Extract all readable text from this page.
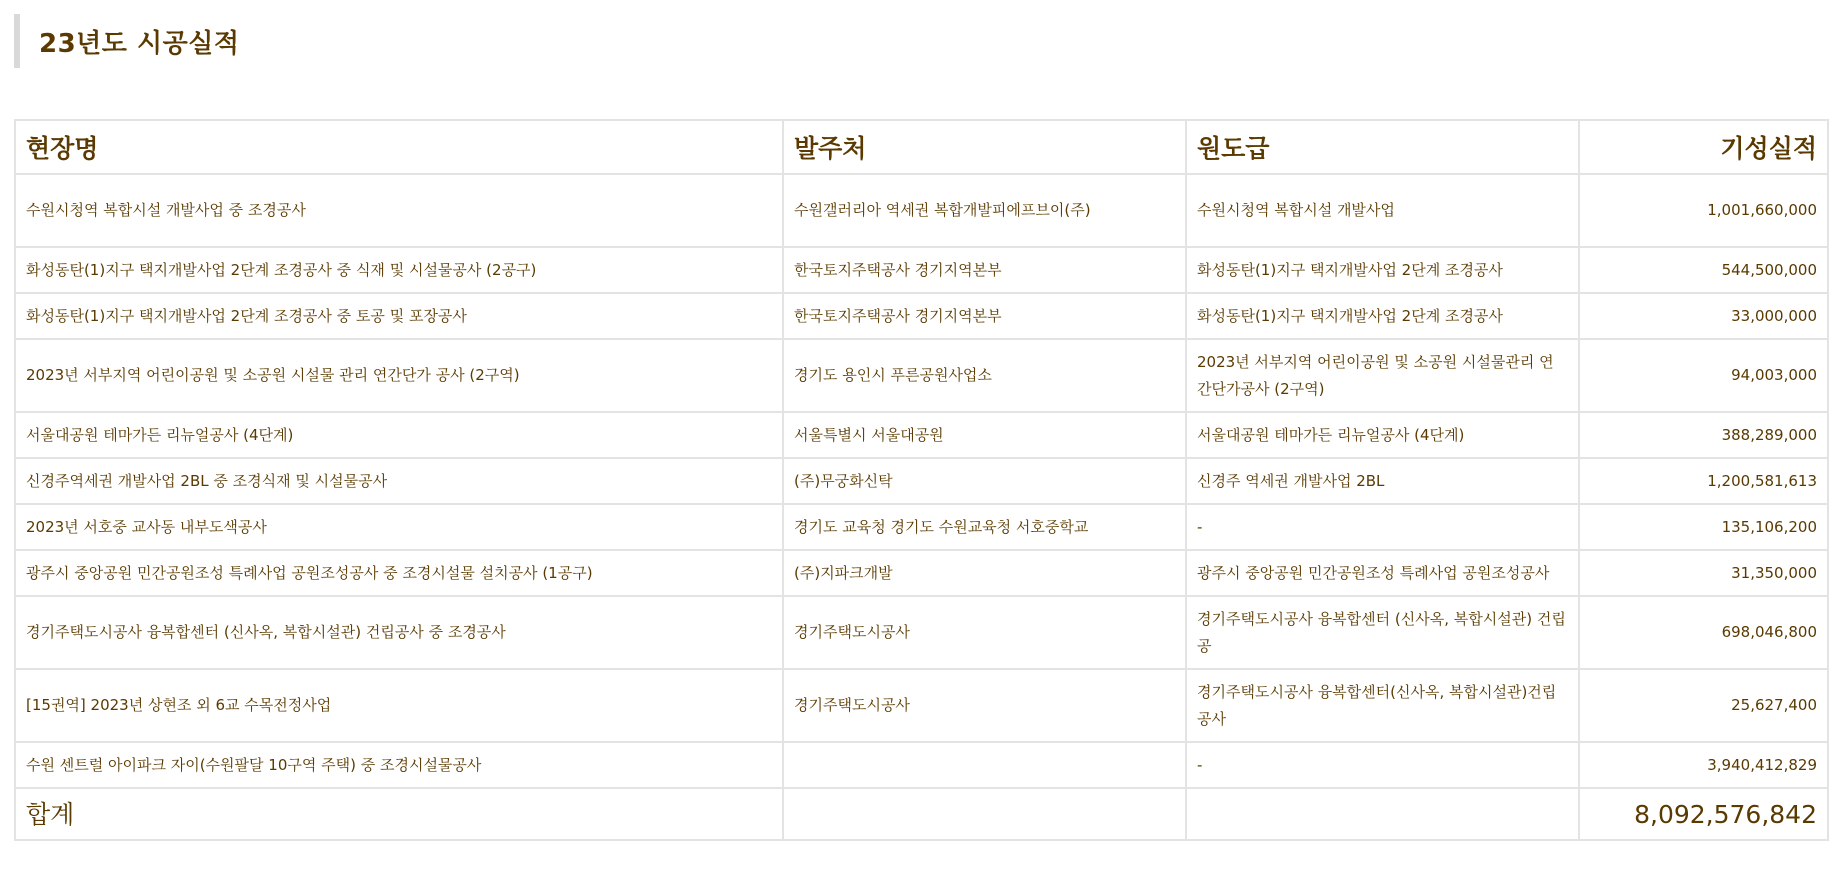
23년도 시공실적
현장명	발주처	원도급	기성실적
수원시청역 복합시설 개발사업 중 조경공사	수원갤러리아 역세권 복합개발피에프브이(주)	수원시청역 복합시설 개발사업	1,001,660,000
화성동탄(1)지구 택지개발사업 2단계 조경공사 중 식재 및 시설물공사 (2공구)	한국토지주택공사 경기지역본부	화성동탄(1)지구 택지개발사업 2단계 조경공사	544,500,000
화성동탄(1)지구 택지개발사업 2단계 조경공사 중 토공 및 포장공사	한국토지주택공사 경기지역본부	화성동탄(1)지구 택지개발사업 2단계 조경공사	33,000,000
2023년 서부지역 어린이공원 및 소공원 시설물 관리 연간단가 공사 (2구역)	경기도 용인시 푸른공원사업소	2023년 서부지역 어린이공원 및 소공원 시설물관리 연간단가공사 (2구역)	94,003,000
서울대공원 테마가든 리뉴얼공사 (4단계)	서울특별시 서울대공원	서울대공원 테마가든 리뉴얼공사 (4단계)	388,289,000
신경주역세권 개발사업 2BL 중 조경식재 및 시설물공사	(주)무궁화신탁	신경주 역세권 개발사업 2BL	1,200,581,613
2023년 서호중 교사동 내부도색공사	경기도 교육청 경기도 수원교육청 서호중학교	-	135,106,200
광주시 중앙공원 민간공원조성 특례사업 공원조성공사 중 조경시설물 설치공사 (1공구)	(주)지파크개발	광주시 중앙공원 민간공원조성 특례사업 공원조성공사	31,350,000
경기주택도시공사 융복합센터 (신사옥, 복합시설관) 건립공사 중 조경공사	경기주택도시공사	경기주택도시공사 융복합센터 (신사옥, 복합시설관) 건립공	698,046,800
[15권역] 2023년 상현조 외 6교 수목전정사업	경기주택도시공사	경기주택도시공사 융복합센터(신사옥, 복합시설관)건립공사	25,627,400
수원 센트럴 아이파크 자이(수원팔달 10구역 주택) 중 조경시설물공사		-	3,940,412,829
합계			8,092,576,842
